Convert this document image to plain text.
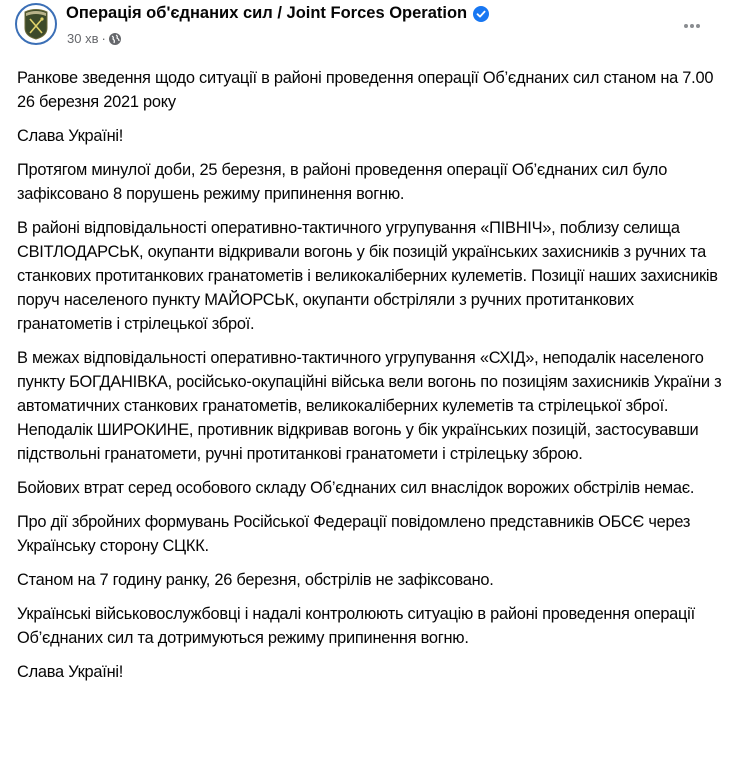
Операція об'єднаних сил / Joint Forces Operation
30 хв ·

Ранкове зведення щодо ситуації в районі проведення операції Об’єднаних сил станом на 7.00 26 березня 2021 року

Слава Україні!

Протягом минулої доби, 25 березня, в районі проведення операції Об’єднаних сил було зафіксовано 8 порушень режиму припинення вогню.

В районі відповідальності оперативно-тактичного угрупування «ПІВНІЧ», поблизу селища СВІТЛОДАРСЬК, окупанти відкривали вогонь у бік позицій українських захисників з ручних та станкових протитанкових гранатометів і великокаліберних кулеметів. Позиції наших захисників поруч населеного пункту МАЙОРСЬК, окупанти обстріляли з ручних протитанкових гранатометів і стрілецької зброї.

В межах відповідальності оперативно-тактичного угрупування «СХІД», неподалік населеного пункту БОГДАНІВКА, російсько-окупаційні війська вели вогонь по позиціям захисників України з автоматичних станкових гранатометів, великокаліберних кулеметів та стрілецької зброї. Неподалік ШИРОКИНЕ, противник відкривав вогонь у бік українських позицій, застосувавши підствольні гранатомети, ручні протитанкові гранатомети і стрілецьку зброю.

Бойових втрат серед особового складу Об’єднаних сил внаслідок ворожих обстрілів немає.

Про дії збройних формувань Російської Федерації повідомлено представників ОБСЄ через Українську сторону СЦКК.

Станом на 7 годину ранку, 26 березня, обстрілів не зафіксовано.

Українські військовослужбовці і надалі контролюють ситуацію в районі проведення операції Об’єднаних сил та дотримуються режиму припинення вогню.

Слава Україні!
